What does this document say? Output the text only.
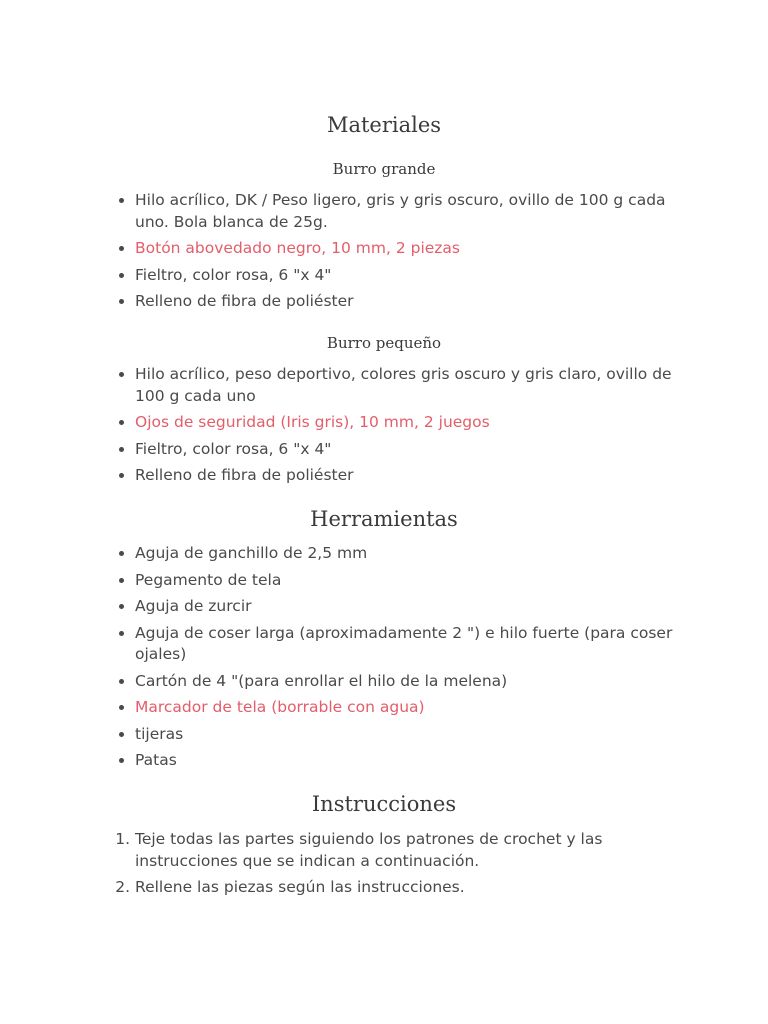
Materiales
Burro grande
• Hilo acrílico, DK / Peso ligero, gris y gris oscuro, ovillo de 100 g cada uno. Bola blanca de 25g.
• Botón abovedado negro, 10 mm, 2 piezas
• Fieltro, color rosa, 6 "x 4"
• Relleno de fibra de poliéster
Burro pequeño
• Hilo acrílico, peso deportivo, colores gris oscuro y gris claro, ovillo de 100 g cada uno
• Ojos de seguridad (Iris gris), 10 mm, 2 juegos
• Fieltro, color rosa, 6 "x 4"
• Relleno de fibra de poliéster
Herramientas
• Aguja de ganchillo de 2,5 mm
• Pegamento de tela
• Aguja de zurcir
• Aguja de coser larga (aproximadamente 2 ") e hilo fuerte (para coser ojales)
• Cartón de 4 "(para enrollar el hilo de la melena)
• Marcador de tela (borrable con agua)
• tijeras
• Patas
Instrucciones
1. Teje todas las partes siguiendo los patrones de crochet y las instrucciones que se indican a continuación.
2. Rellene las piezas según las instrucciones.
